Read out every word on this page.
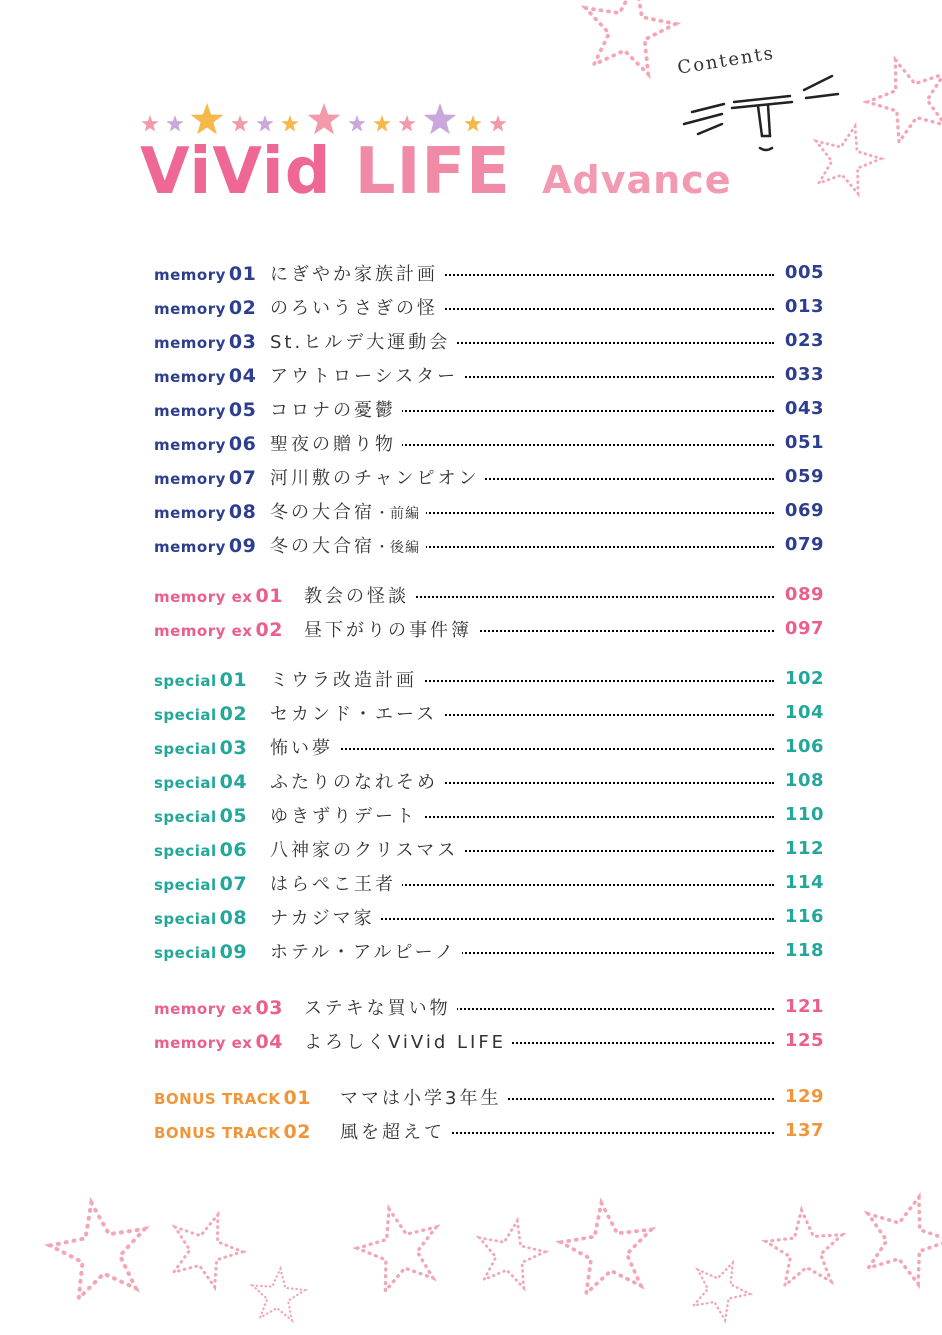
Contents
ViVid LIFE Advance
memory 01 にぎやか家族計画	005
memory 02 のろいうさぎの怪	013
memory 03 St.ヒルデ大運動会	023
memory 04 アウトローシスター	033
memory 05 コロナの憂鬱	043
memory 06 聖夜の贈り物	051
memory 07 河川敷のチャンピオン	059
memory 08 冬の大合宿・前編	069
memory 09 冬の大合宿・後編	079
memory ex 01 教会の怪談	089
memory ex 02 昼下がりの事件簿	097
special 01 ミウラ改造計画	102
special 02 セカンド・エース	104
special 03 怖い夢	106
special 04 ふたりのなれそめ	108
special 05 ゆきずりデート	110
special 06 八神家のクリスマス	112
special 07 はらぺこ王者	114
special 08 ナカジマ家	116
special 09 ホテル・アルピーノ	118
memory ex 03 ステキな買い物	121
memory ex 04 よろしくViVid LIFE	125
BONUS TRACK 01 ママは小学3年生	129
BONUS TRACK 02 風を超えて	137
